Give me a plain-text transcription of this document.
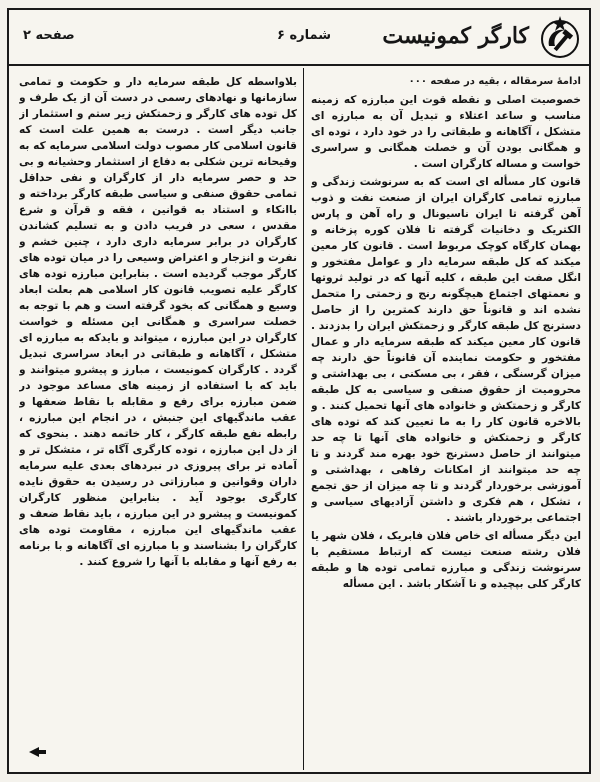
کارگر کمونیست
شماره ۶
صفحه ۲

ادامۀ سرمقاله ، بقیه در صفحه ۰۰۰

خصوصیت اصلی و نقطه قوت این مبارزه که زمینه مناسب و ساعد اعتلاء و تبدیل آن به مبارزه ای متشکل ، آگاهانه و طبقاتی را در خود دارد ، توده ای و همگانی بودن آن و خصلت همگانی و سراسری خواست و مساله کارگران است .

قانون کار مسأله ای است که به سرنوشت زندگی و مبارزه تمامی کارگران ایران از صنعت نفت و ذوب آهن گرفته تا ایران ناسیونال و راه آهن و پارس الکتریک و دخانیات گرفته تا فلان کوره پزخانه و بهمان کارگاه کوچک مربوط است . قانون کار معین میکند که کل طبقه سرمایه دار و عوامل مفتخور و انگل صفت این طبقه ، کلیه آنها که در تولید ثروتها و نعمتهای اجتماع هیچگونه رنج و زحمتی را متحمل نشده اند و قانوناً حق دارند کمترین را از حاصل دسترنج کل طبقه کارگر و زحمتکش ایران را بدزدند . قانون کار معین میکند که طبقه سرمایه دار و عمال مفتخور و حکومت نماینده آن قانوناً حق دارند چه میزان گرسنگی ، فقر ، بی مسکنی ، بی بهداشتی و محرومیت از حقوق صنفی و سیاسی به کل طبقه کارگر و زحمتکش و خانواده های آنها تحمیل کنند . و بالاخره قانون کار را به ما تعیین کند که توده های کارگر و زحمتکش و خانواده های آنها تا چه حد میتوانند از حاصل دسترنج خود بهره مند گردند و تا چه حد میتوانند از امکانات رفاهی ، بهداشتی و آموزشی برخوردار گردند و تا چه میزان از حق تجمع ، تشکل ، هم فکری و داشتن آزادیهای سیاسی و اجتماعی برخوردار باشند .

این دیگر مسأله ای خاص فلان فابریک ، فلان شهر یا فلان رشته صنعت نیست که ارتباط مستقیم با سرنوشت زندگی و مبارزه تمامی توده ها و طبقه کارگر کلی بپچیده و نا آشکار باشد . این مسأله

بلاواسطه کل طبقه سرمایه دار و حکومت و تمامی سازمانها و نهادهای رسمی در دست آن از یک طرف و کل توده های کارگر و زحمتکش زیر ستم و استثمار از جانب دیگر است . درست به همین علت است که قانون اسلامی کار مصوب دولت اسلامی سرمایه که به وقیحانه ترین شکلی به دفاع از استثمار وحشیانه و بی حد و حصر سرمایه دار از کارگران و نفی حداقل تمامی حقوق صنفی و سیاسی طبقه کارگر برداخته و باانکاء و استناد به قوانین ، فقه و قرآن و شرع مقدس ، سعی در فریب دادن و به تسلیم کشاندن کارگران در برابر سرمایه داری دارد ، چنین خشم و نفرت و انزجار و اعتراض وسیعی را در میان توده های کارگر موجب گردیده است . بنابراین مبارزه توده های کارگر علیه تصویب قانون کار اسلامی هم بعلت ابعاد وسیع و همگانی که بخود گرفته است و هم با توجه به خصلت سراسری و همگانی این مسئله و خواست کارگران در این مبارزه ، میتواند و بایدکه به مبارزه ای متشکل ، آگاهانه و طبقاتی در ابعاد سراسری تبدیل گردد . کارگران کمونیست ، مبارز و پیشرو میتوانند و باید که با استفاده از زمینه های مساعد موجود در ضمن مبارزه برای رفع و مقابله با نقاط ضعفها و عقب ماندگیهای این جنبش ، در انجام این مبارزه ، رابطه نفع طبقه کارگر ، کار خاتمه دهند . بنحوی که از دل این مبارزه ، توده کارگری آگاه تر ، متشکل تر و آماده تر برای پیروزی در نبردهای بعدی علیه سرمایه داران وقوانین و مبارزاتی در رسیدن به حقوق نایده کارگری بوجود آید . بنابراین منظور کارگران کمونیست و پیشرو در این مبارزه ، باید نقاط ضعف و عقب ماندگیهای این مبارزه ، مقاومت توده های کارگران را بشناسند و با مبارزه ای آگاهانه و با برنامه به رفع آنها و مقابله با آنها را شروع کنند .
